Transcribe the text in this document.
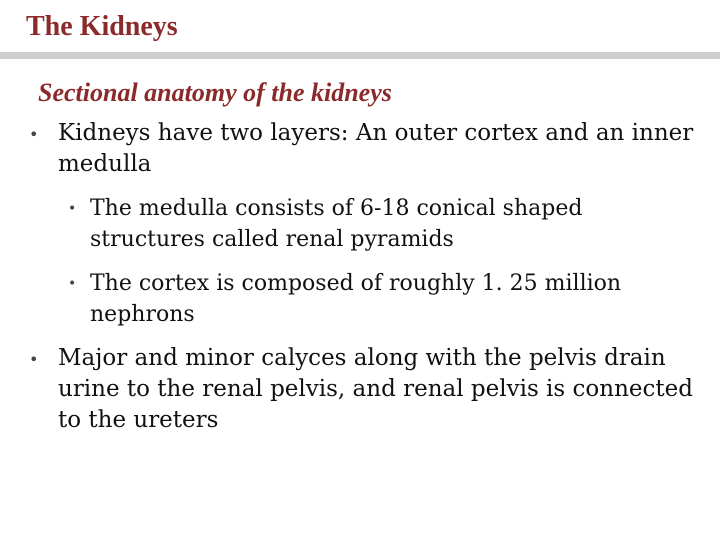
The Kidneys
Sectional anatomy of the kidneys
• Kidneys have two layers: An outer cortex and an inner medulla
• The medulla consists of 6-18 conical shaped structures called renal pyramids
• The cortex is composed of roughly 1. 25 million nephrons
• Major and minor calyces along with the pelvis drain urine to the renal pelvis, and renal pelvis is connected to the ureters
